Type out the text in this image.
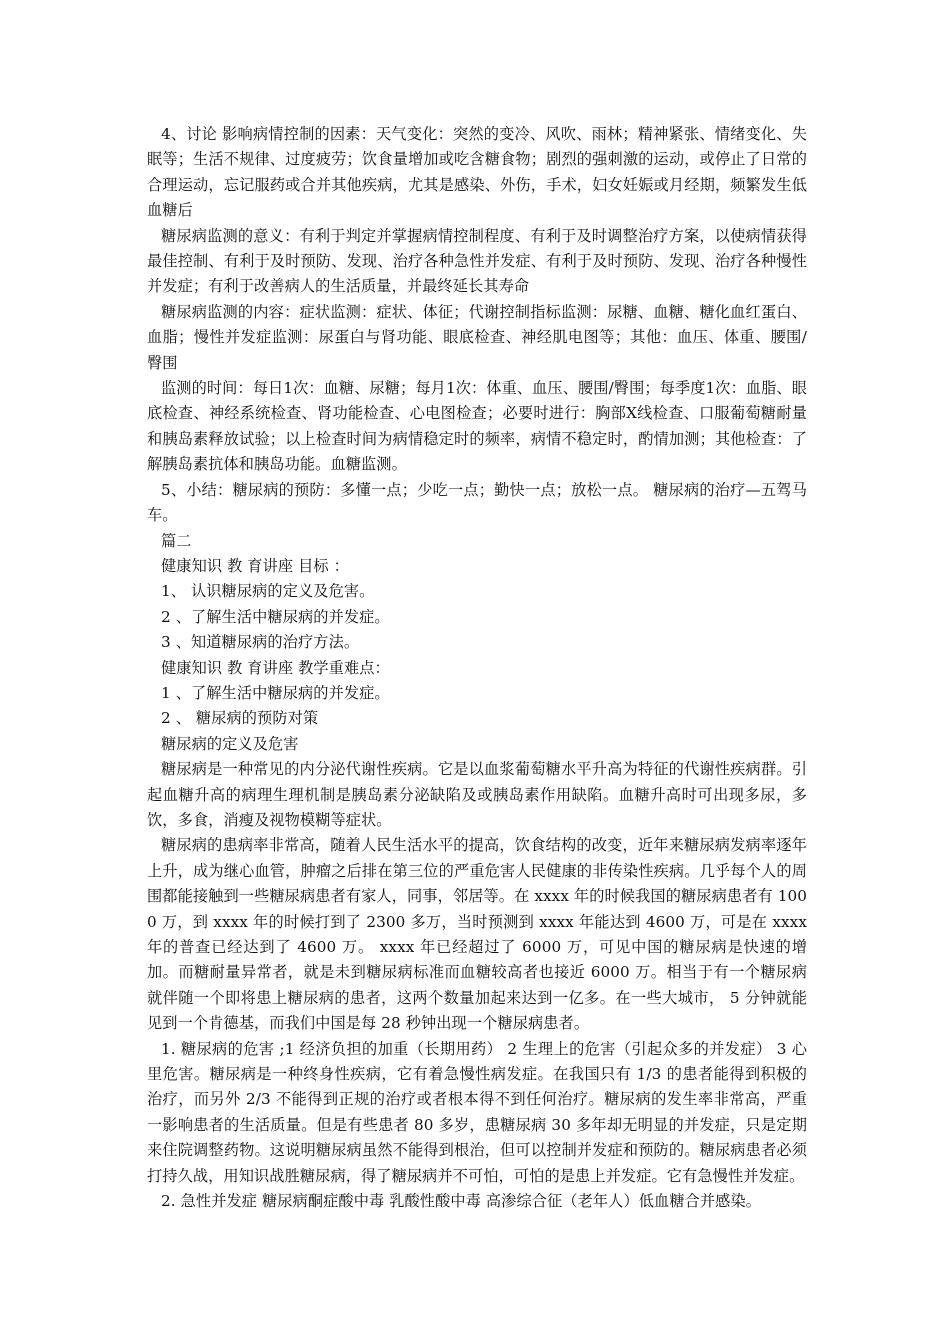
4、讨论 影响病情控制的因素：天气变化：突然的变冷、风吹、雨林；精神紧张、情绪变化、失眠等；生活不规律、过度疲劳；饮食量增加或吃含糖食物；剧烈的强刺激的运动，或停止了日常的合理运动，忘记服药或合并其他疾病，尤其是感染、外伤，手术，妇女妊娠或月经期，频繁发生低血糖后

糖尿病监测的意义：有利于判定并掌握病情控制程度、有利于及时调整治疗方案，以使病情获得最佳控制、有利于及时预防、发现、治疗各种急性并发症、有利于及时预防、发现、治疗各种慢性并发症；有利于改善病人的生活质量，并最终延长其寿命

糖尿病监测的内容：症状监测：症状、体征；代谢控制指标监测：尿糖、血糖、糖化血红蛋白、血脂；慢性并发症监测：尿蛋白与肾功能、眼底检查、神经肌电图等；其他：血压、体重、腰围/ 臀围

监测的时间：每日1次：血糖、尿糖；每月1次：体重、血压、腰围/臀围；每季度1次：血脂、眼底检查、神经系统检查、肾功能检查、心电图检查；必要时进行：胸部X线检查、口服葡萄糖耐量和胰岛素释放试验；以上检查时间为病情稳定时的频率，病情不稳定时，酌情加测；其他检查：了解胰岛素抗体和胰岛功能。血糖监测。

5、小结：糖尿病的预防：多懂一点；少吃一点；勤快一点；放松一点。 糖尿病的治疗—五驾马车。

篇二

健康知识 教 育讲座 目标 ：

1、 认识糖尿病的定义及危害。

2 、了解生活中糖尿病的并发症。

3 、知道糖尿病的治疗方法。

健康知识 教 育讲座 教学重难点：

1 、了解生活中糖尿病的并发症。

2 、 糖尿病的预防对策

糖尿病的定义及危害

糖尿病是一种常见的内分泌代谢性疾病。它是以血浆葡萄糖水平升高为特征的代谢性疾病群。引起血糖升高的病理生理机制是胰岛素分泌缺陷及或胰岛素作用缺陷。血糖升高时可出现多尿，多饮，多食，消瘦及视物模糊等症状。

糖尿病的患病率非常高，随着人民生活水平的提高，饮食结构的改变，近年来糖尿病发病率逐年上升，成为继心血管，肿瘤之后排在第三位的严重危害人民健康的非传染性疾病。几乎每个人的周围都能接触到一些糖尿病患者有家人，同事，邻居等。在 xxxx 年的时候我国的糖尿病患者有 1000 万，到 xxxx 年的时候打到了 2300 多万，当时预测到 xxxx 年能达到 4600 万，可是在 xxxx 年的普查已经达到了 4600 万。 xxxx 年已经超过了 6000 万，可见中国的糖尿病是快速的增加。而糖耐量异常者，就是未到糖尿病标准而血糖较高者也接近 6000 万。相当于有一个糖尿病就伴随一个即将患上糖尿病的患者，这两个数量加起来达到一亿多。在一些大城市， 5 分钟就能见到一个肯德基，而我们中国是每 28 秒钟出现一个糖尿病患者。

1. 糖尿病的危害 ;1 经济负担的加重（长期用药） 2 生理上的危害（引起众多的并发症） 3 心里危害。糖尿病是一种终身性疾病，它有着急慢性病发症。在我国只有 1/3 的患者能得到积极的治疗，而另外 2/3 不能得到正规的治疗或者根本得不到任何治疗。糖尿病的发生率非常高，严重一影响患者的生活质量。但是有些患者 80 多岁，患糖尿病 30 多年却无明显的并发症，只是定期来住院调整药物。这说明糖尿病虽然不能得到根治，但可以控制并发症和预防的。糖尿病患者必须打持久战，用知识战胜糖尿病，得了糖尿病并不可怕，可怕的是患上并发症。它有急慢性并发症。

2. 急性并发症 糖尿病酮症酸中毒 乳酸性酸中毒 高渗综合征（老年人）低血糖合并感染。
